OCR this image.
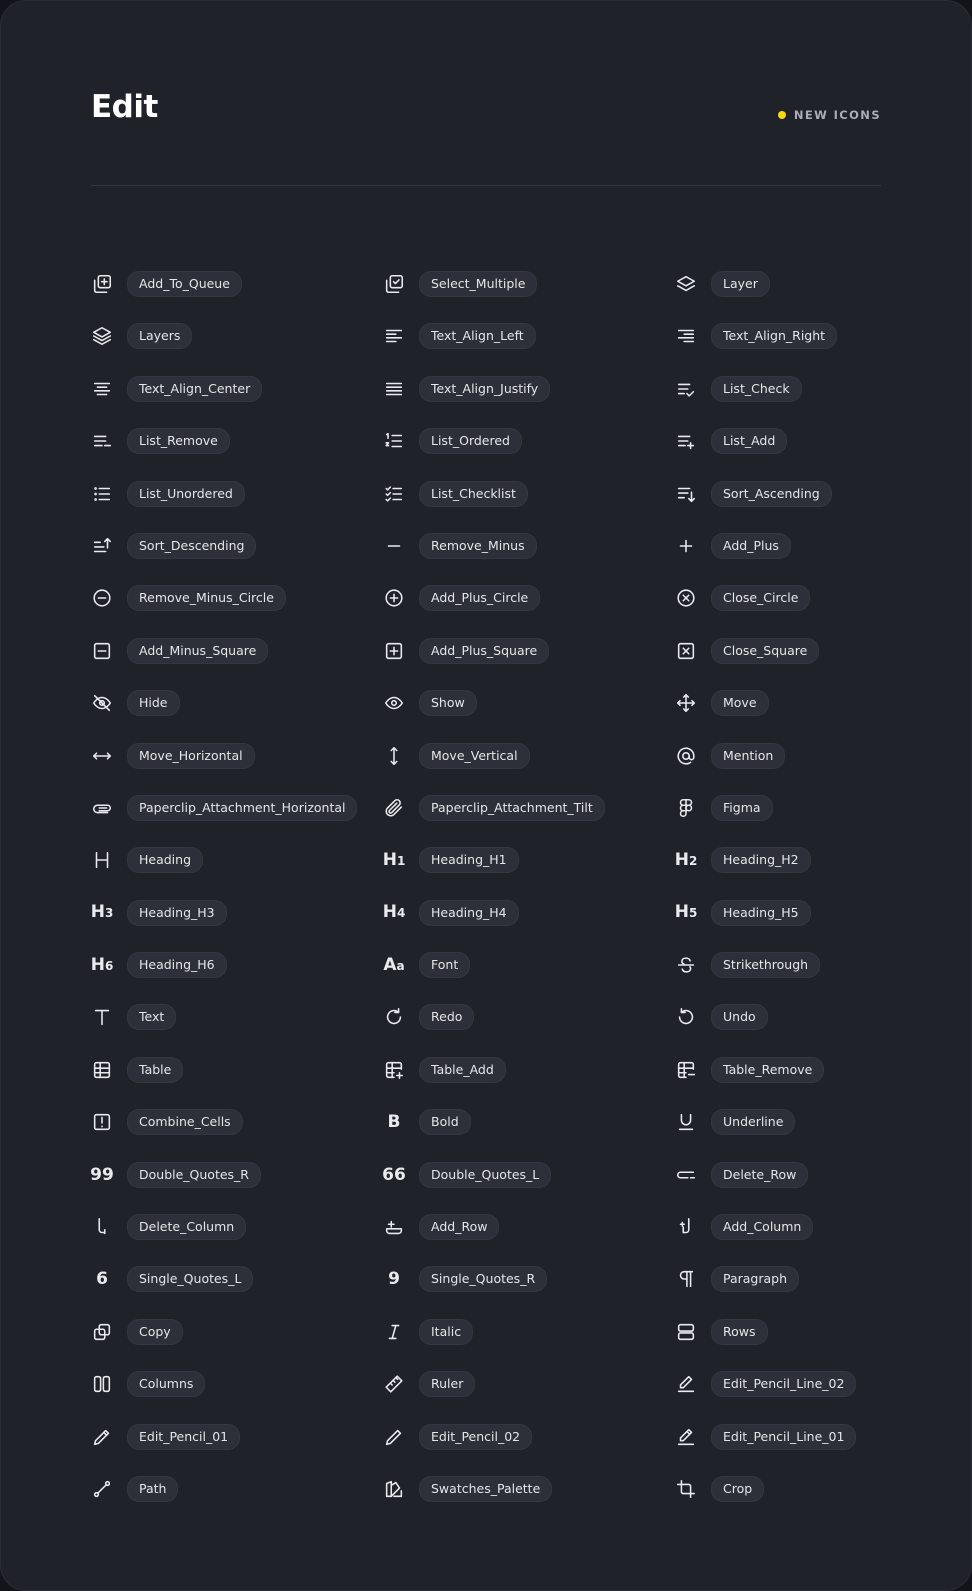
Edit	NEW ICONS
Add_To_Queue	Select_Multiple	Layer
Layers	Text_Align_Left	Text_Align_Right
Text_Align_Center	Text_Align_Justify	List_Check
List_Remove	List_Ordered	List_Add
List_Unordered	List_Checklist	Sort_Ascending
Sort_Descending	Remove_Minus	Add_Plus
Remove_Minus_Circle	Add_Plus_Circle	Close_Circle
Add_Minus_Square	Add_Plus_Square	Close_Square
Hide	Show	Move
Move_Horizontal	Move_Vertical	Mention
Paperclip_Attachment_Horizontal	Paperclip_Attachment_Tilt	Figma
Heading	H1	Heading_H1	H2	Heading_H2
H3	Heading_H3	H4	Heading_H4	H5	Heading_H5
H6	Heading_H6	Aa	Font	Strikethrough
Text	Redo	Undo
Table	Table_Add	Table_Remove
Combine_Cells	B	Bold	Underline
99	Double_Quotes_R	66	Double_Quotes_L	Delete_Row
Delete_Column	Add_Row	Add_Column
6	Single_Quotes_L	9	Single_Quotes_R	Paragraph
Copy	Italic	Rows
Columns	Ruler	Edit_Pencil_Line_02
Edit_Pencil_01	Edit_Pencil_02	Edit_Pencil_Line_01
Path	Swatches_Palette	Crop
